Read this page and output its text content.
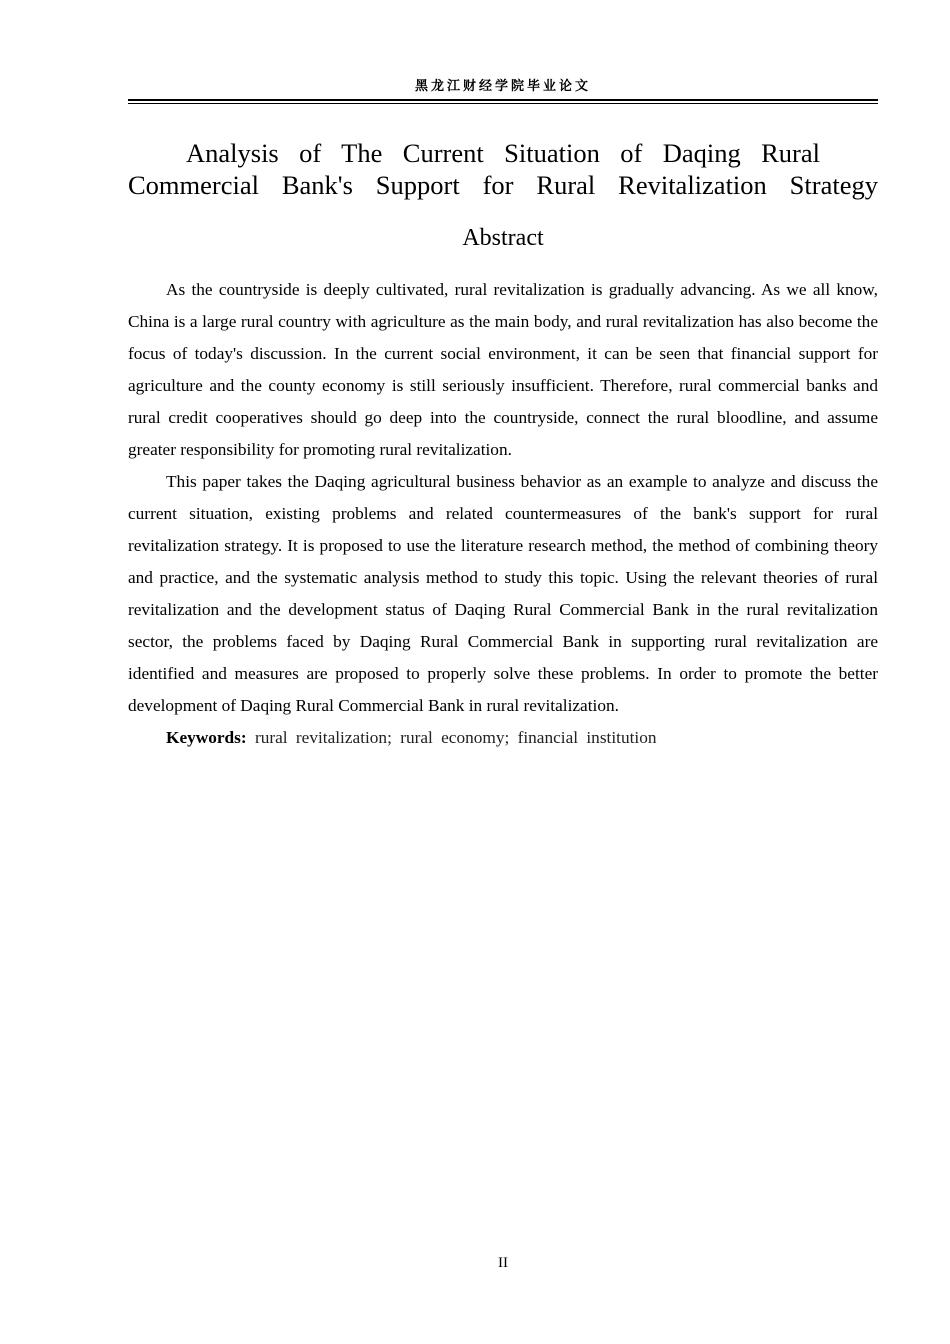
黑龙江财经学院毕业论文
Analysis of The Current Situation of Daqing Rural
Commercial Bank's Support for Rural Revitalization Strategy
Abstract

As the countryside is deeply cultivated, rural revitalization is gradually advancing. As we all know, China is a large rural country with agriculture as the main body, and rural revitalization has also become the focus of today's discussion. In the current social environment, it can be seen that financial support for agriculture and the county economy is still seriously insufficient. Therefore, rural commercial banks and rural credit cooperatives should go deep into the countryside, connect the rural bloodline, and assume greater responsibility for promoting rural revitalization.

This paper takes the Daqing agricultural business behavior as an example to analyze and discuss the current situation, existing problems and related countermeasures of the bank's support for rural revitalization strategy. It is proposed to use the literature research method, the method of combining theory and practice, and the systematic analysis method to study this topic. Using the relevant theories of rural revitalization and the development status of Daqing Rural Commercial Bank in the rural revitalization sector, the problems faced by Daqing Rural Commercial Bank in supporting rural revitalization are identified and measures are proposed to properly solve these problems. In order to promote the better development of Daqing Rural Commercial Bank in rural revitalization.

Keywords: rural revitalization; rural economy; financial institution

II
